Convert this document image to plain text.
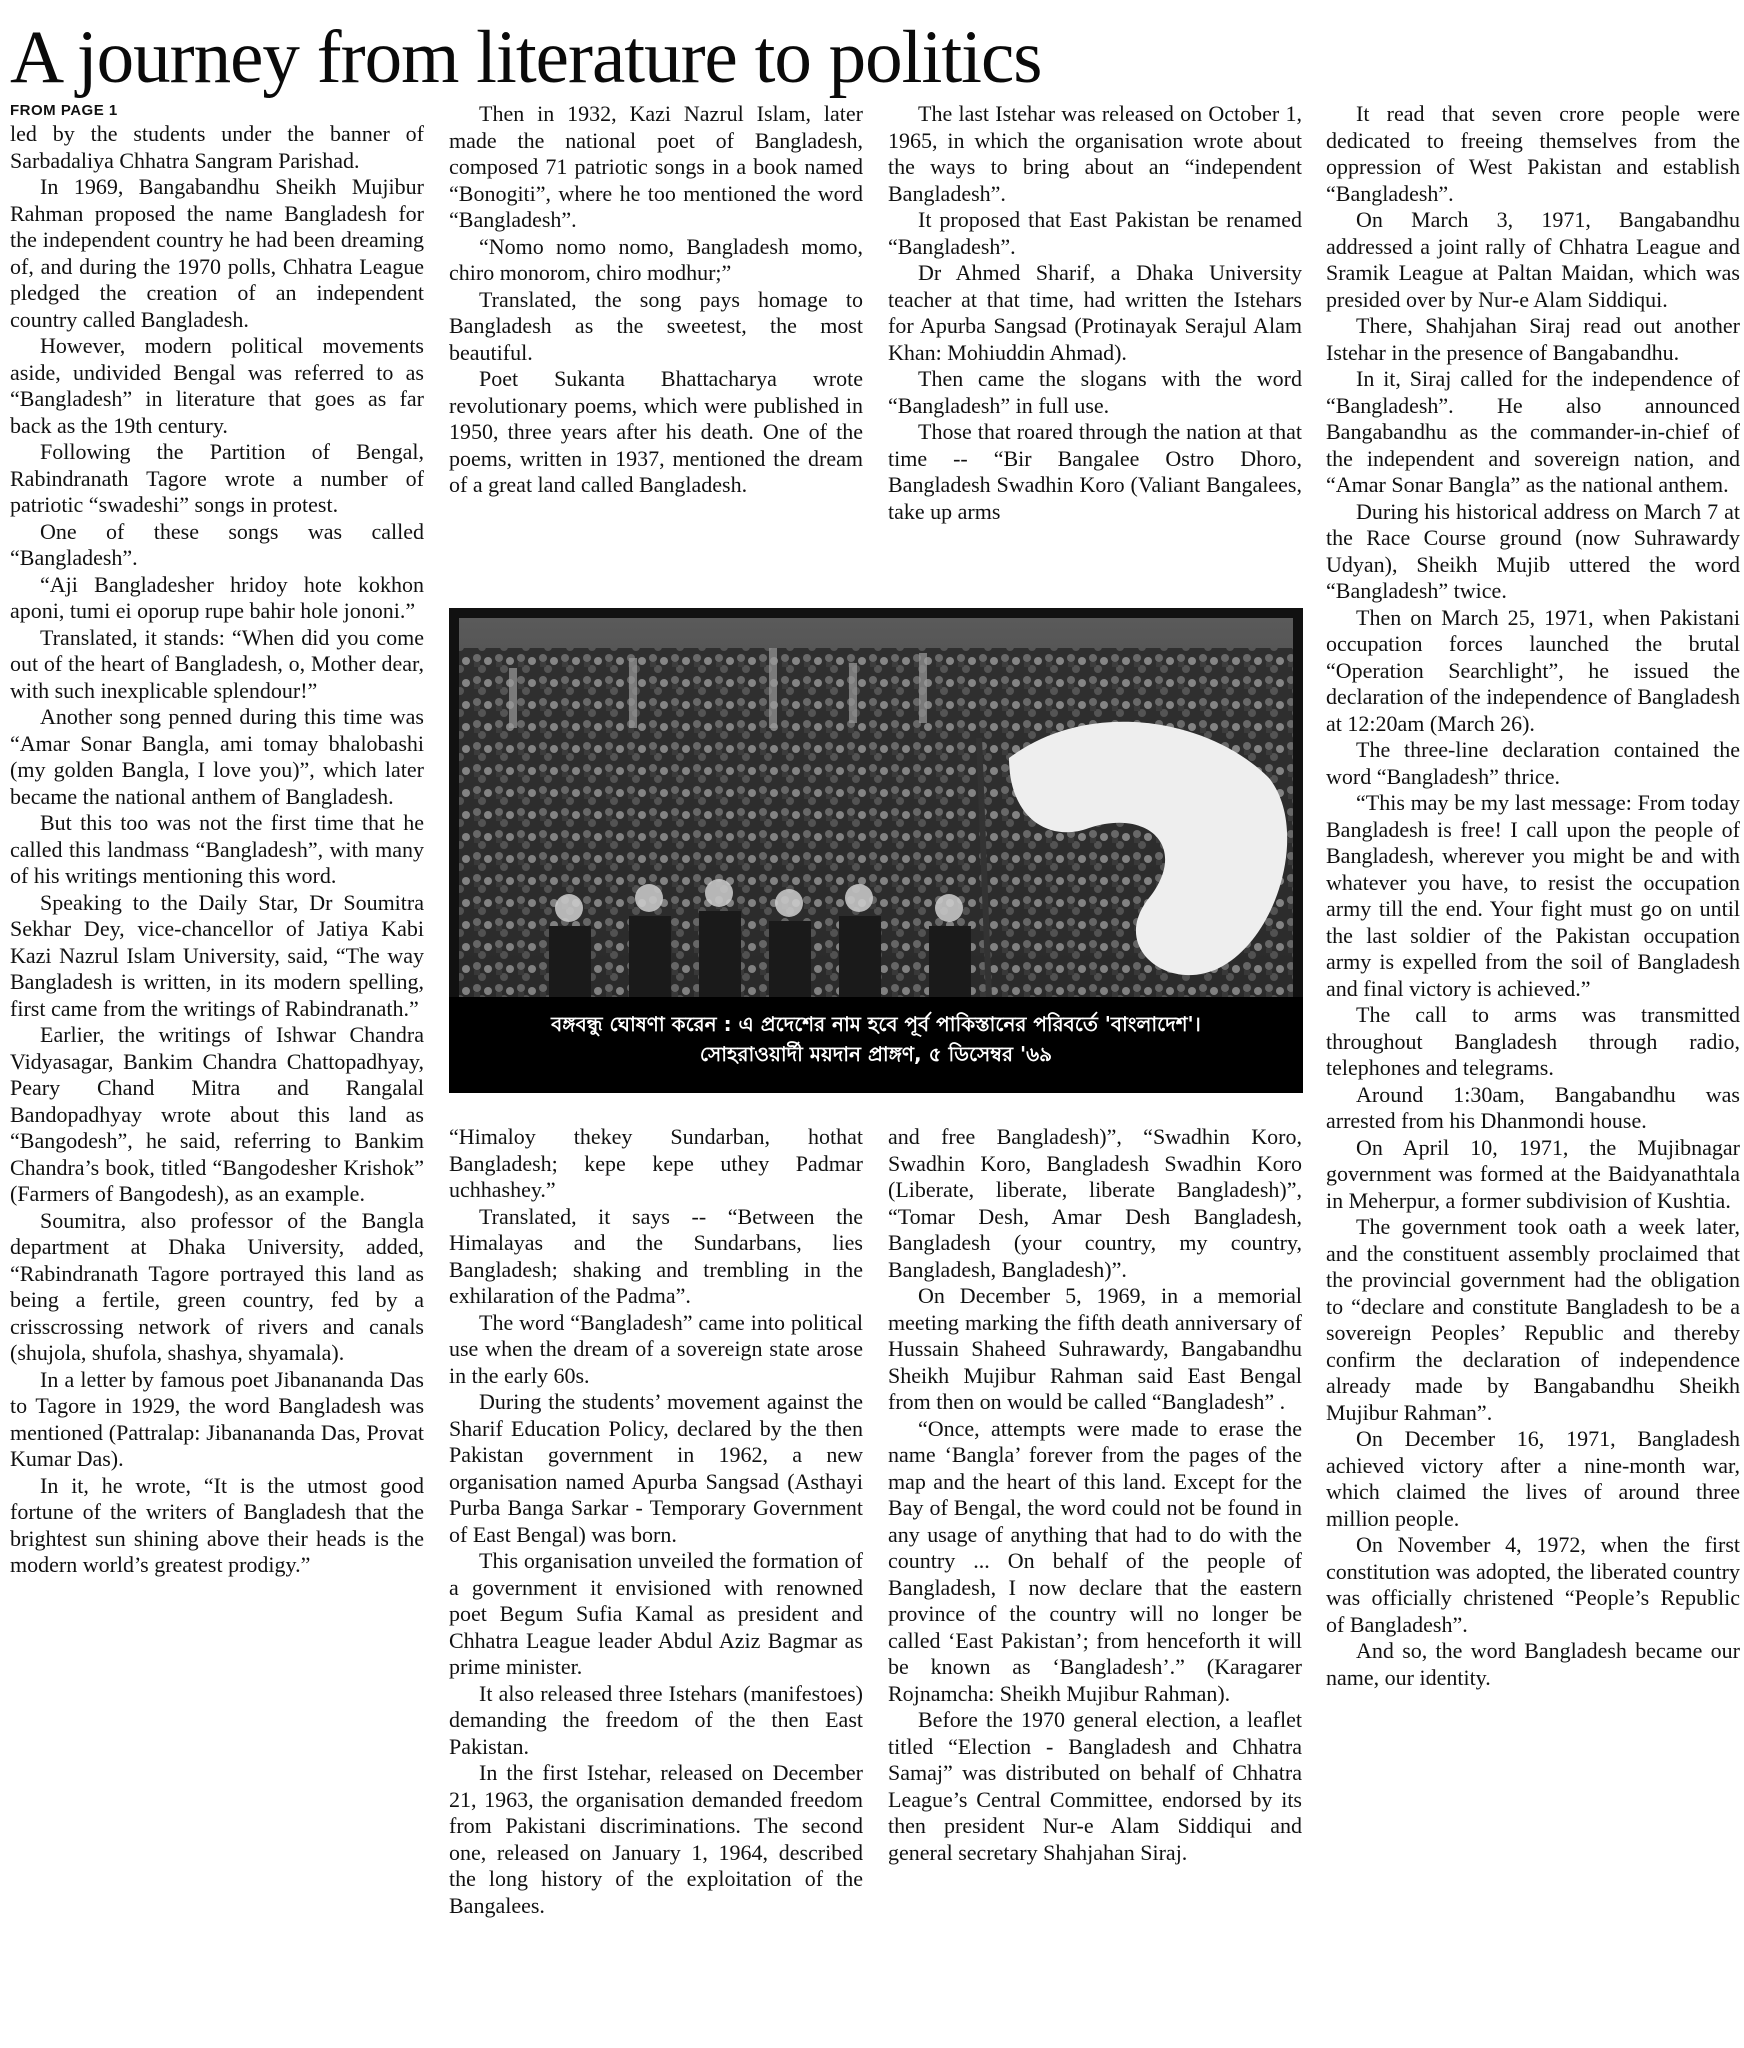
A journey from literature to politics

FROM PAGE 1

led by the students under the banner of Sarbadaliya Chhatra Sangram Parishad.

In 1969, Bangabandhu Sheikh Mujibur Rahman proposed the name Bangladesh for the independent country he had been dreaming of, and during the 1970 polls, Chhatra League pledged the creation of an independent country called Bangladesh.

However, modern political movements aside, undivided Bengal was referred to as “Bangladesh” in literature that goes as far back as the 19th century.

Following the Partition of Bengal, Rabindranath Tagore wrote a number of patriotic “swadeshi” songs in protest.

One of these songs was called “Bangladesh”.

“Aji Bangladesher hridoy hote kokhon aponi, tumi ei oporup rupe bahir hole jononi.”

Translated, it stands: “When did you come out of the heart of Bangladesh, o, Mother dear, with such inexplicable splendour!”

Another song penned during this time was “Amar Sonar Bangla, ami tomay bhalobashi (my golden Bangla, I love you)”, which later became the national anthem of Bangladesh.

But this too was not the first time that he called this landmass “Bangladesh”, with many of his writings mentioning this word.

Speaking to the Daily Star, Dr Soumitra Sekhar Dey, vice-chancellor of Jatiya Kabi Kazi Nazrul Islam University, said, “The way Bangladesh is written, in its modern spelling, first came from the writings of Rabindranath.”

Earlier, the writings of Ishwar Chandra Vidyasagar, Bankim Chandra Chattopadhyay, Peary Chand Mitra and Rangalal Bandopadhyay wrote about this land as “Bangodesh”, he said, referring to Bankim Chandra’s book, titled “Bangodesher Krishok” (Farmers of Bangodesh), as an example.

Soumitra, also professor of the Bangla department at Dhaka University, added, “Rabindranath Tagore portrayed this land as being a fertile, green country, fed by a crisscrossing network of rivers and canals (shujola, shufola, shashya, shyamala).

In a letter by famous poet Jibanananda Das to Tagore in 1929, the word Bangladesh was mentioned (Pattralap: Jibanananda Das, Provat Kumar Das).

In it, he wrote, “It is the utmost good fortune of the writers of Bangladesh that the brightest sun shining above their heads is the modern world’s greatest prodigy.”

Then in 1932, Kazi Nazrul Islam, later made the national poet of Bangladesh, composed 71 patriotic songs in a book named “Bonogiti”, where he too mentioned the word “Bangladesh”.

“Nomo nomo nomo, Bangladesh momo, chiro monorom, chiro modhur;”

Translated, the song pays homage to Bangladesh as the sweetest, the most beautiful.

Poet Sukanta Bhattacharya wrote revolutionary poems, which were published in 1950, three years after his death. One of the poems, written in 1937, mentioned the dream of a great land called Bangladesh.

The last Istehar was released on October 1, 1965, in which the organisation wrote about the ways to bring about an “independent Bangladesh”.

It proposed that East Pakistan be renamed “Bangladesh”.

Dr Ahmed Sharif, a Dhaka University teacher at that time, had written the Istehars for Apurba Sangsad (Protinayak Serajul Alam Khan: Mohiuddin Ahmad).

Then came the slogans with the word “Bangladesh” in full use.

Those that roared through the nation at that time -- “Bir Bangalee Ostro Dhoro, Bangladesh Swadhin Koro (Valiant Bangalees, take up arms

বঙ্গবন্ধু ঘোষণা করেন : এ প্রদেশের নাম হবে পূর্ব পাকিস্তানের পরিবর্তে 'বাংলাদেশ'।
সোহরাওয়ার্দী ময়দান প্রাঙ্গণ, ৫ ডিসেম্বর '৬৯

“Himaloy thekey Sundarban, hothat Bangladesh; kepe kepe uthey Padmar uchhashey.”

Translated, it says -- “Between the Himalayas and the Sundarbans, lies Bangladesh; shaking and trembling in the exhilaration of the Padma”.

The word “Bangladesh” came into political use when the dream of a sovereign state arose in the early 60s.

During the students’ movement against the Sharif Education Policy, declared by the then Pakistan government in 1962, a new organisation named Apurba Sangsad (Asthayi Purba Banga Sarkar - Temporary Government of East Bengal) was born.

This organisation unveiled the formation of a government it envisioned with renowned poet Begum Sufia Kamal as president and Chhatra League leader Abdul Aziz Bagmar as prime minister.

It also released three Istehars (manifestoes) demanding the freedom of the then East Pakistan.

In the first Istehar, released on December 21, 1963, the organisation demanded freedom from Pakistani discriminations. The second one, released on January 1, 1964, described the long history of the exploitation of the Bangalees.

and free Bangladesh)”, “Swadhin Koro, Swadhin Koro, Bangladesh Swadhin Koro (Liberate, liberate, liberate Bangladesh)”, “Tomar Desh, Amar Desh Bangladesh, Bangladesh (your country, my country, Bangladesh, Bangladesh)”.

On December 5, 1969, in a memorial meeting marking the fifth death anniversary of Hussain Shaheed Suhrawardy, Bangabandhu Sheikh Mujibur Rahman said East Bengal from then on would be called “Bangladesh” .

“Once, attempts were made to erase the name ‘Bangla’ forever from the pages of the map and the heart of this land. Except for the Bay of Bengal, the word could not be found in any usage of anything that had to do with the country ... On behalf of the people of Bangladesh, I now declare that the eastern province of the country will no longer be called ‘East Pakistan’; from henceforth it will be known as ‘Bangladesh’.” (Karagarer Rojnamcha: Sheikh Mujibur Rahman).

Before the 1970 general election, a leaflet titled “Election - Bangladesh and Chhatra Samaj” was distributed on behalf of Chhatra League’s Central Committee, endorsed by its then president Nur-e Alam Siddiqui and general secretary Shahjahan Siraj.

It read that seven crore people were dedicated to freeing themselves from the oppression of West Pakistan and establish “Bangladesh”.

On March 3, 1971, Bangabandhu addressed a joint rally of Chhatra League and Sramik League at Paltan Maidan, which was presided over by Nur-e Alam Siddiqui.

There, Shahjahan Siraj read out another Istehar in the presence of Bangabandhu.

In it, Siraj called for the independence of “Bangladesh”. He also announced Bangabandhu as the commander-in-chief of the independent and sovereign nation, and “Amar Sonar Bangla” as the national anthem.

During his historical address on March 7 at the Race Course ground (now Suhrawardy Udyan), Sheikh Mujib uttered the word “Bangladesh” twice.

Then on March 25, 1971, when Pakistani occupation forces launched the brutal “Operation Searchlight”, he issued the declaration of the independence of Bangladesh at 12:20am (March 26).

The three-line declaration contained the word “Bangladesh” thrice.

“This may be my last message: From today Bangladesh is free! I call upon the people of Bangladesh, wherever you might be and with whatever you have, to resist the occupation army till the end. Your fight must go on until the last soldier of the Pakistan occupation army is expelled from the soil of Bangladesh and final victory is achieved.”

The call to arms was transmitted throughout Bangladesh through radio, telephones and telegrams.

Around 1:30am, Bangabandhu was arrested from his Dhanmondi house.

On April 10, 1971, the Mujibnagar government was formed at the Baidyanathtala in Meherpur, a former subdivision of Kushtia.

The government took oath a week later, and the constituent assembly proclaimed that the provincial government had the obligation to “declare and constitute Bangladesh to be a sovereign Peoples’ Republic and thereby confirm the declaration of independence already made by Bangabandhu Sheikh Mujibur Rahman”.

On December 16, 1971, Bangladesh achieved victory after a nine-month war, which claimed the lives of around three million people.

On November 4, 1972, when the first constitution was adopted, the liberated country was officially christened “People’s Republic of Bangladesh”.

And so, the word Bangladesh became our name, our identity.
